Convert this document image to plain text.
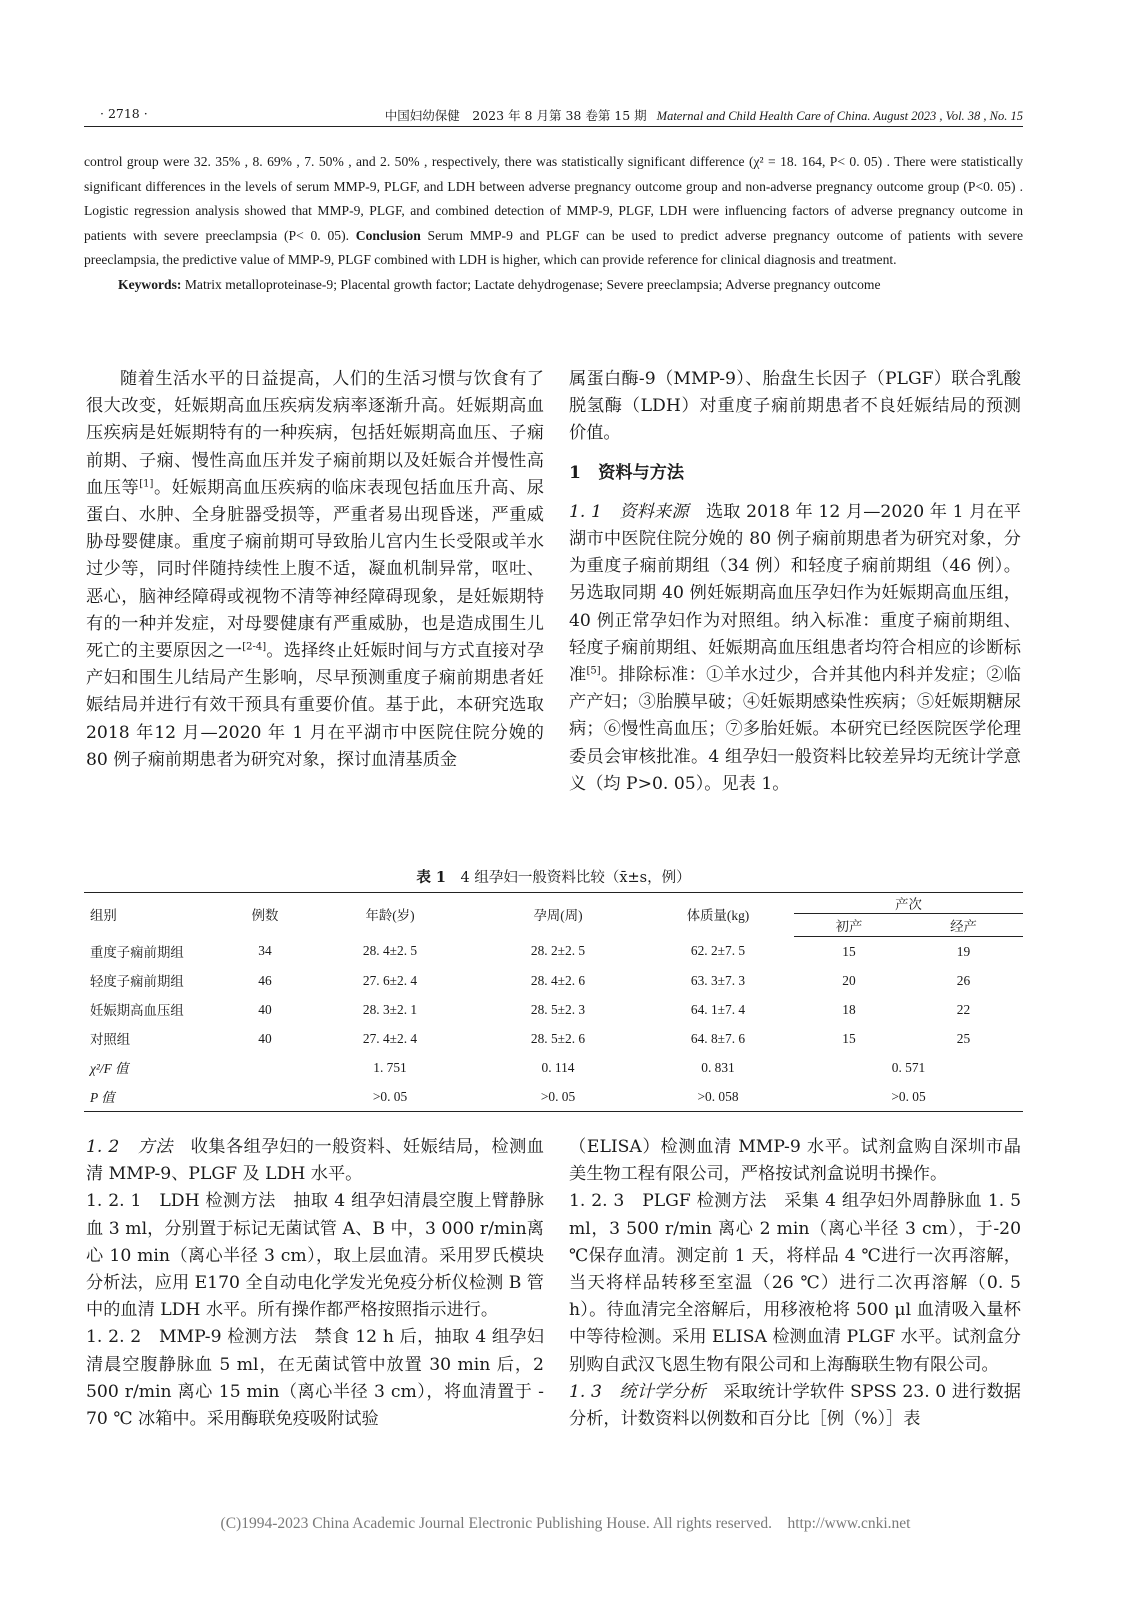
· 2718 ·	中国妇幼保健　2023 年 8 月第 38 卷第 15 期 Maternal and Child Health Care of China. August 2023 , Vol. 38 , No. 15

control group were 32. 35% , 8. 69% , 7. 50% , and 2. 50% , respectively, there was statistically significant difference (χ² = 18. 164, P< 0. 05) . There were statistically significant differences in the levels of serum MMP-9, PLGF, and LDH between adverse pregnancy outcome group and non-adverse pregnancy outcome group (P<0. 05) . Logistic regression analysis showed that MMP-9, PLGF, and combined detection of MMP-9, PLGF, LDH were influencing factors of adverse pregnancy outcome in patients with severe preeclampsia (P< 0. 05). Conclusion Serum MMP-9 and PLGF can be used to predict adverse pregnancy outcome of patients with severe preeclampsia, the predictive value of MMP-9, PLGF combined with LDH is higher, which can provide reference for clinical diagnosis and treatment.

Keywords: Matrix metalloproteinase-9; Placental growth factor; Lactate dehydrogenase; Severe preeclampsia; Adverse pregnancy outcome

随着生活水平的日益提高，人们的生活习惯与饮食有了很大改变，妊娠期高血压疾病发病率逐渐升高。妊娠期高血压疾病是妊娠期特有的一种疾病，包括妊娠期高血压、子痫前期、子痫、慢性高血压并发子痫前期以及妊娠合并慢性高血压等[1]。妊娠期高血压疾病的临床表现包括血压升高、尿蛋白、水肿、全身脏器受损等，严重者易出现昏迷，严重威胁母婴健康。重度子痫前期可导致胎儿宫内生长受限或羊水过少等，同时伴随持续性上腹不适，凝血机制异常，呕吐、恶心，脑神经障碍或视物不清等神经障碍现象，是妊娠期特有的一种并发症，对母婴健康有严重威胁，也是造成围生儿死亡的主要原因之一[2-4]。选择终止妊娠时间与方式直接对孕产妇和围生儿结局产生影响，尽早预测重度子痫前期患者妊娠结局并进行有效干预具有重要价值。基于此，本研究选取 2018 年12 月—2020 年 1 月在平湖市中医院住院分娩的 80 例子痫前期患者为研究对象，探讨血清基质金

属蛋白酶-9（MMP-9）、胎盘生长因子（PLGF）联合乳酸脱氢酶（LDH）对重度子痫前期患者不良妊娠结局的预测价值。

1　资料与方法

1. 1　资料来源　选取 2018 年 12 月—2020 年 1 月在平湖市中医院住院分娩的 80 例子痫前期患者为研究对象，分为重度子痫前期组（34 例）和轻度子痫前期组（46 例）。另选取同期 40 例妊娠期高血压孕妇作为妊娠期高血压组，40 例正常孕妇作为对照组。纳入标准：重度子痫前期组、轻度子痫前期组、妊娠期高血压组患者均符合相应的诊断标准[5]。排除标准：①羊水过少，合并其他内科并发症；②临产产妇；③胎膜早破；④妊娠期感染性疾病；⑤妊娠期糖尿病；⑥慢性高血压；⑦多胎妊娠。本研究已经医院医学伦理委员会审核批准。4 组孕妇一般资料比较差异均无统计学意义（均 P>0. 05）。见表 1。

表 1　4 组孕妇一般资料比较（x̄±s，例）
组别	例数	年龄(岁)	孕周(周)	体质量(kg)	产次	
					初产	经产
重度子痫前期组	34	28. 4±2. 5	28. 2±2. 5	62. 2±7. 5	15	19
轻度子痫前期组	46	27. 6±2. 4	28. 4±2. 6	63. 3±7. 3	20	26
妊娠期高血压组	40	28. 3±2. 1	28. 5±2. 3	64. 1±7. 4	18	22
对照组	40	27. 4±2. 4	28. 5±2. 6	64. 8±7. 6	15	25
χ²/F 值		1. 751	0. 114	0. 831	0. 571	
P 值		>0. 05	>0. 05	>0. 058	>0. 05	

1. 2　方法　收集各组孕妇的一般资料、妊娠结局，检测血清 MMP-9、PLGF 及 LDH 水平。

1. 2. 1　LDH 检测方法　抽取 4 组孕妇清晨空腹上臂静脉血 3 ml，分别置于标记无菌试管 A、B 中，3 000 r/min离心 10 min（离心半径 3 cm），取上层血清。采用罗氏模块分析法，应用 E170 全自动电化学发光免疫分析仪检测 B 管中的血清 LDH 水平。所有操作都严格按照指示进行。

1. 2. 2　MMP-9 检测方法　禁食 12 h 后，抽取 4 组孕妇清晨空腹静脉血 5 ml，在无菌试管中放置 30 min 后，2 500 r/min 离心 15 min（离心半径 3 cm），将血清置于 - 70 ℃ 冰箱中。采用酶联免疫吸附试验

（ELISA）检测血清 MMP-9 水平。试剂盒购自深圳市晶美生物工程有限公司，严格按试剂盒说明书操作。

1. 2. 3　PLGF 检测方法　采集 4 组孕妇外周静脉血 1. 5 ml，3 500 r/min 离心 2 min（离心半径 3 cm），于-20 ℃保存血清。测定前 1 天，将样品 4 ℃进行一次再溶解，当天将样品转移至室温（26 ℃）进行二次再溶解（0. 5 h）。待血清完全溶解后，用移液枪将 500 μl 血清吸入量杯中等待检测。采用 ELISA 检测血清 PLGF 水平。试剂盒分别购自武汉飞恩生物有限公司和上海酶联生物有限公司。

1. 3　统计学分析　采取统计学软件 SPSS 23. 0 进行数据分析，计数资料以例数和百分比［例（%）］表

(C)1994-2023 China Academic Journal Electronic Publishing House. All rights reserved. http://www.cnki.net
